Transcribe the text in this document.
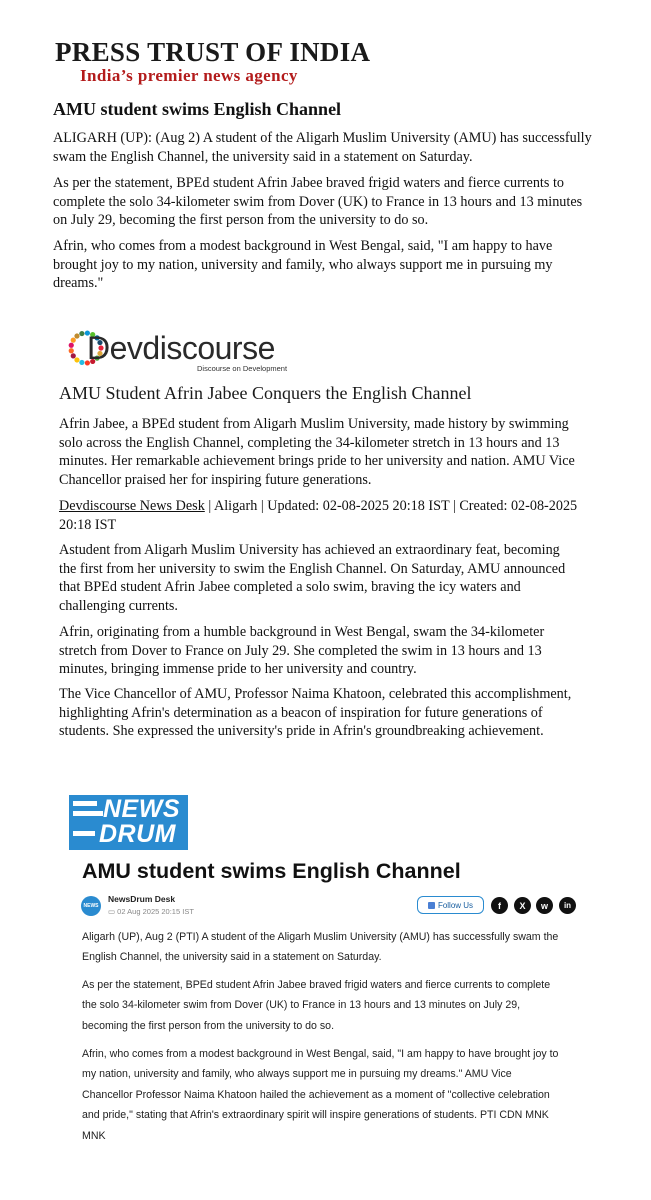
PRESS TRUST OF INDIA
India’s premier news agency
AMU student swims English Channel

ALIGARH (UP): (Aug 2) A student of the Aligarh Muslim University (AMU) has successfully swam the English Channel, the university said in a statement on Saturday.

As per the statement, BPEd student Afrin Jabee braved frigid waters and fierce currents to complete the solo 34-kilometer swim from Dover (UK) to France in 13 hours and 13 minutes on July 29, becoming the first person from the university to do so.

Afrin, who comes from a modest background in West Bengal, said, "I am happy to have brought joy to my nation, university and family, who always support me in pursuing my dreams."

Devdiscourse
Discourse on Development
AMU Student Afrin Jabee Conquers the English Channel

Afrin Jabee, a BPEd student from Aligarh Muslim University, made history by swimming solo across the English Channel, completing the 34-kilometer stretch in 13 hours and 13 minutes. Her remarkable achievement brings pride to her university and nation. AMU Vice Chancellor praised her for inspiring future generations.

Devdiscourse News Desk | Aligarh | Updated: 02-08-2025 20:18 IST | Created: 02-08-2025 20:18 IST

Astudent from Aligarh Muslim University has achieved an extraordinary feat, becoming the first from her university to swim the English Channel. On Saturday, AMU announced that BPEd student Afrin Jabee completed a solo swim, braving the icy waters and challenging currents.

Afrin, originating from a humble background in West Bengal, swam the 34-kilometer stretch from Dover to France on July 29. She completed the swim in 13 hours and 13 minutes, bringing immense pride to her university and country.

The Vice Chancellor of AMU, Professor Naima Khatoon, celebrated this accomplishment, highlighting Afrin's determination as a beacon of inspiration for future generations of students. She expressed the university's pride in Afrin's groundbreaking achievement.

NEWS
DRUM
AMU student swims English Channel
NEWS DRUM
NewsDrum Desk
▭ 02 Aug 2025 20:15 IST
Follow Us	f	X	w	in

Aligarh (UP), Aug 2 (PTI) A student of the Aligarh Muslim University (AMU) has successfully swam the English Channel, the university said in a statement on Saturday.

As per the statement, BPEd student Afrin Jabee braved frigid waters and fierce currents to complete the solo 34-kilometer swim from Dover (UK) to France in 13 hours and 13 minutes on July 29, becoming the first person from the university to do so.

Afrin, who comes from a modest background in West Bengal, said, "I am happy to have brought joy to my nation, university and family, who always support me in pursuing my dreams." AMU Vice Chancellor Professor Naima Khatoon hailed the achievement as a moment of "collective celebration and pride," stating that Afrin's extraordinary spirit will inspire generations of students. PTI CDN MNK MNK
